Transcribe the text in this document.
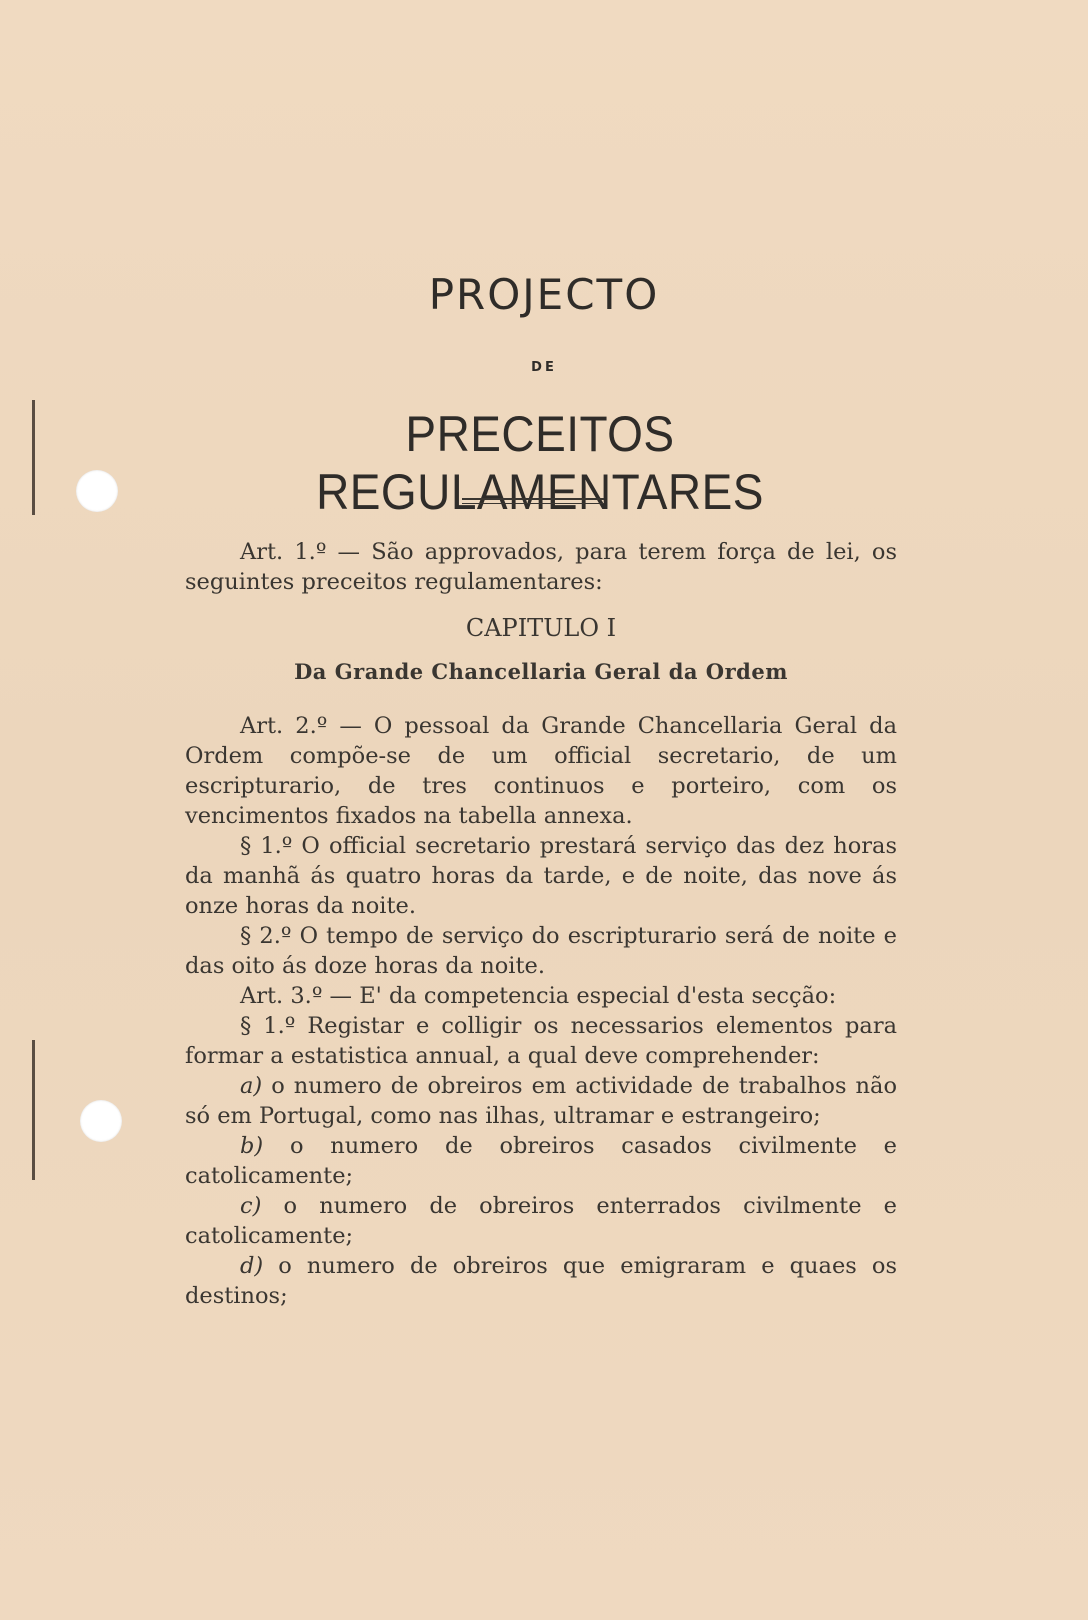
PROJECTO
DE
PRECEITOS REGULAMENTARES

Art. 1.º — São approvados, para terem força de lei, os seguintes preceitos regulamentares:

CAPITULO I

Da Grande Chancellaria Geral da Ordem

Art. 2.º — O pessoal da Grande Chancellaria Geral da Ordem compõe-se de um official secretario, de um escripturario, de tres continuos e porteiro, com os vencimentos fixados na tabella annexa.

§ 1.º O official secretario prestará serviço das dez horas da manhã ás quatro horas da tarde, e de noite, das nove ás onze horas da noite.

§ 2.º O tempo de serviço do escripturario será de noite e das oito ás doze horas da noite.

Art. 3.º — E' da competencia especial d'esta secção:

§ 1.º Registar e colligir os necessarios elementos para formar a estatistica annual, a qual deve comprehender:

a) o numero de obreiros em actividade de trabalhos não só em Portugal, como nas ilhas, ultramar e estrangeiro;

b) o numero de obreiros casados civilmente e catolicamente;

c) o numero de obreiros enterrados civilmente e catolicamente;

d) o numero de obreiros que emigraram e quaes os destinos;
